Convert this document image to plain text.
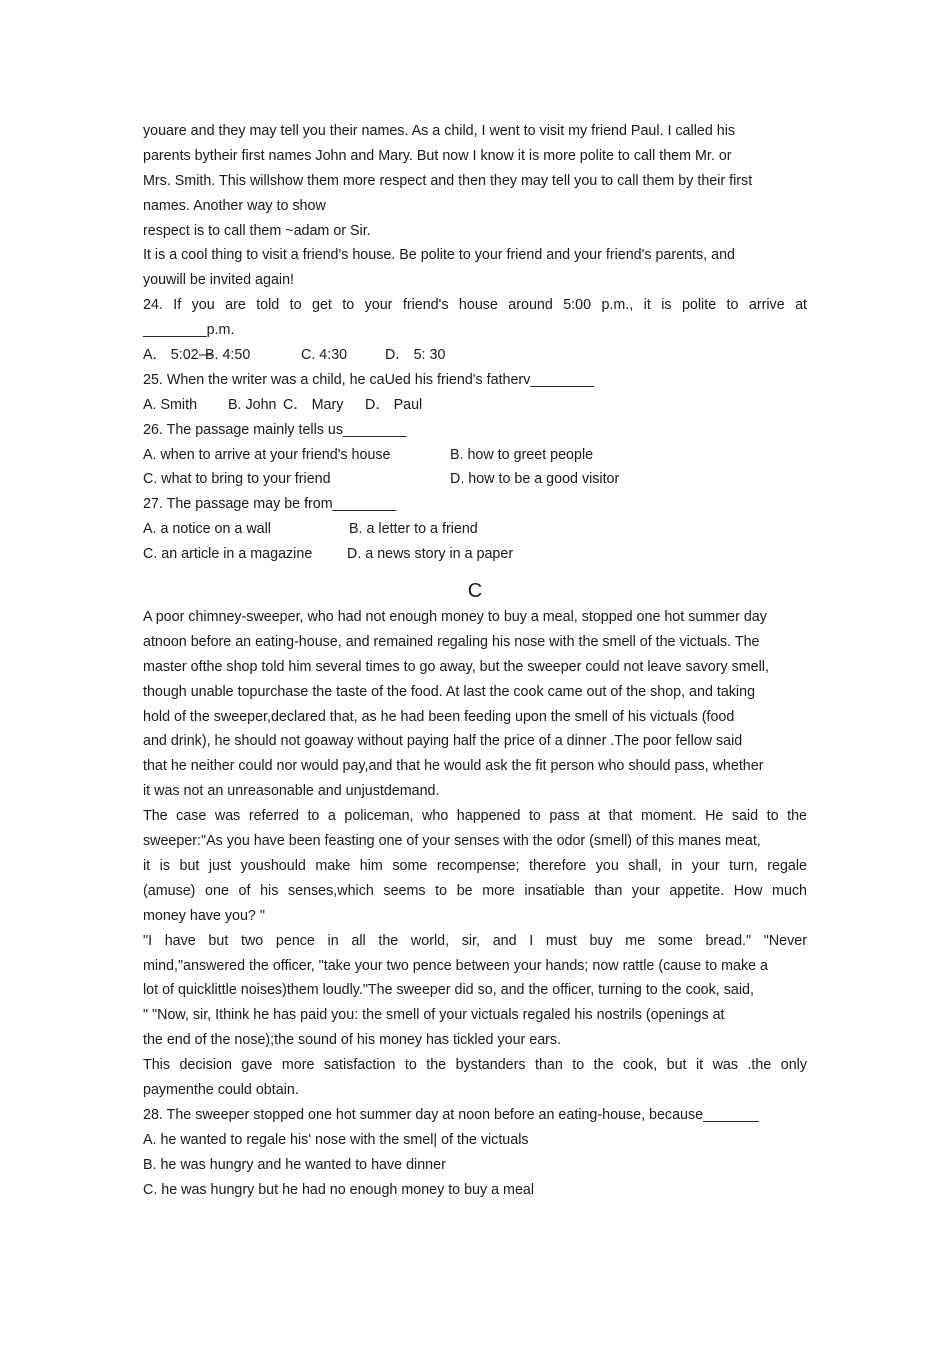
youare and they may tell you their names. As a child, I went to visit my friend Paul. I called his

parents bytheir first names John and Mary. But now I know it is more polite to call them Mr. or

Mrs. Smith. This willshow them more respect and then they may tell you to call them by their first

names. Another way to show

respect is to call them ~adam or Sir.

It is a cool thing to visit a friend's house. Be polite to your friend and your friend's parents, and

youwill be invited again!

24. If you are told to get to your friend's house around 5:00 p.m., it is polite to arrive at

________p.m.

A． 5:02—
B. 4:50	C. 4:30	D． 5: 30

25. When the writer was a child, he caUed his friend's fatherv________

A. Smith	B. John C． Mary	D． Paul

26. The passage mainly tells us________

A. when to arrive at your friend's house	B. how to greet people
C. what to bring to your friend	D. how to be a good visitor

27. The passage may be from________

A. a notice on a wall	B. a letter to a friend
C. an article in a magazine	D. a news story in a paper

C

A poor chimney-sweeper, who had not enough money to buy a meal, stopped one hot summer day

atnoon before an eating-house, and remained regaling his nose with the smell of the victuals. The

master ofthe shop told him several times to go away, but the sweeper could not leave savory smell,

though unable topurchase the taste of the food. At last the cook came out of the shop, and taking

hold of the sweeper,declared that, as he had been feeding upon the smell of his victuals (food

and drink), he should not goaway without paying half the price of a dinner .The poor fellow said

that he neither could nor would pay,and that he would ask the fit person who should pass, whether

it was not an unreasonable and unjustdemand.

The case was referred to a policeman, who happened to pass at that moment. He said to the

sweeper:"As you have been feasting one of your senses with the odor (smell) of this manes meat,

it is but just youshould make him some recompense; therefore you shall, in your turn, regale

(amuse) one of his senses,which seems to be more insatiable than your appetite. How much

money have you? "

"I have but two pence in all the world, sir, and I must buy me some bread." "Never

mind,"answered the officer, "take your two pence between your hands; now rattle (cause to make a

lot of quicklittle noises)them loudly."The sweeper did so, and the officer, turning to the cook, said,

" "Now, sir, Ithink he has paid you: the smell of your victuals regaled his nostrils (openings at

the end of the nose);the sound of his money has tickled your ears.

This decision gave more satisfaction to the bystanders than to the cook, but it was .the only

paymenthe could obtain.

28. The sweeper stopped one hot summer day at noon before an eating-house, because_______

A. he wanted to regale his' nose with the smel| of the victuals

B. he was hungry and he wanted to have dinner

C. he was hungry but he had no enough money to buy a meal
